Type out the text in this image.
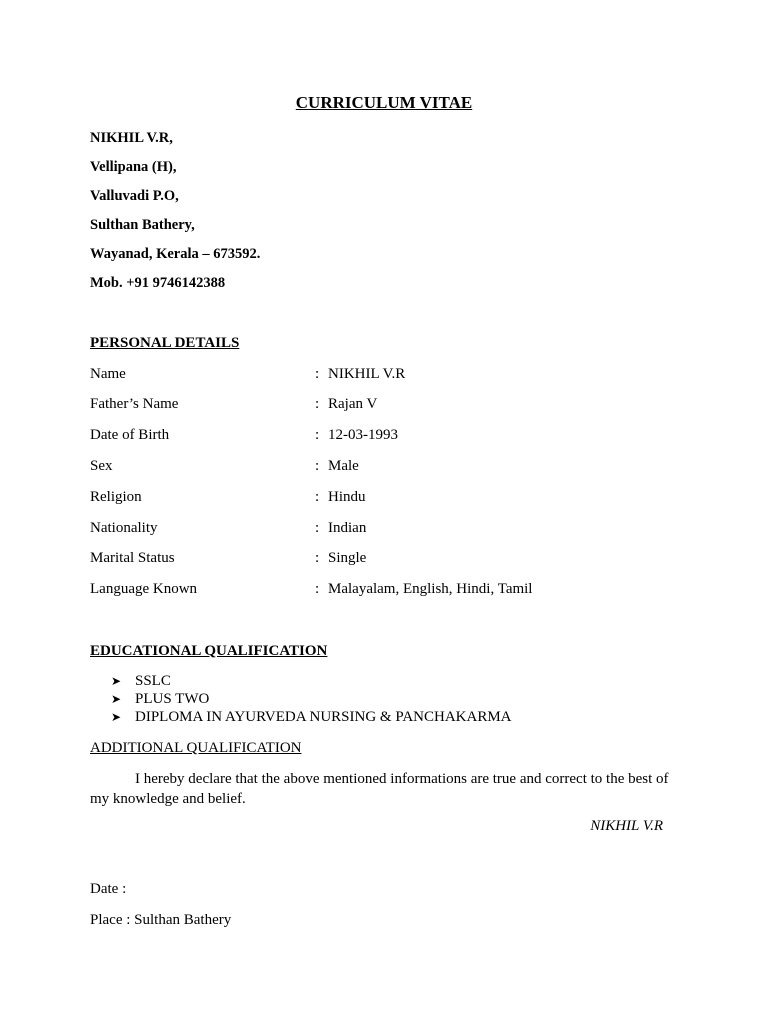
CURRICULUM VITAE
NIKHIL V.R,
Vellipana (H),
Valluvadi P.O,
Sulthan Bathery,
Wayanad, Kerala – 673592.
Mob. +91 9746142388
PERSONAL DETAILS
Name	: NIKHIL V.R
Father’s Name	: Rajan V
Date of Birth	: 12-03-1993
Sex	: Male
Religion	: Hindu
Nationality	: Indian
Marital Status	: Single
Language Known	: Malayalam, English, Hindi, Tamil
EDUCATIONAL QUALIFICATION
➤ SSLC
➤ PLUS TWO
➤ DIPLOMA IN AYURVEDA NURSING & PANCHAKARMA
ADDITIONAL QUALIFICATION
I hereby declare that the above mentioned informations are true and correct to the best of my knowledge and belief.
NIKHIL V.R
Date :
Place : Sulthan Bathery
